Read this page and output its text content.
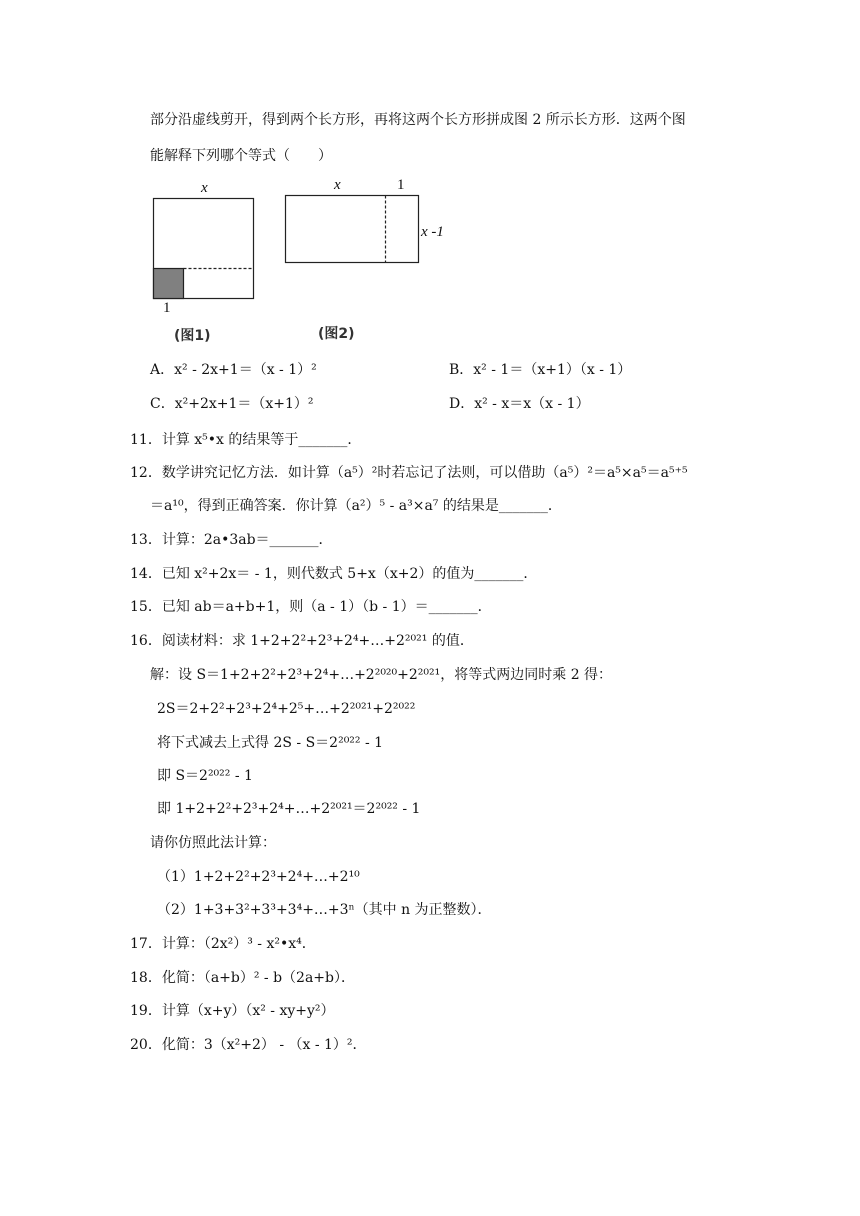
部分沿虚线剪开，得到两个长方形，再将这两个长方形拼成图 2 所示长方形．这两个图
能解释下列哪个等式（　　）
x
1
(图1)
x	1
x -1
(图2)
A．x² - 2x+1＝（x - 1）²	B．x² - 1＝（x+1）（x - 1）
C．x²+2x+1＝（x+1）²	D．x² - x＝x（x - 1）
11．计算 x⁵•x 的结果等于_______．
12．数学讲究记忆方法．如计算（a⁵）²时若忘记了法则，可以借助（a⁵）²＝a⁵×a⁵＝a⁵⁺⁵
＝a¹⁰，得到正确答案．你计算（a²）⁵ - a³×a⁷ 的结果是_______．
13．计算：2a•3ab＝_______．
14．已知 x²+2x＝ - 1，则代数式 5+x（x+2）的值为_______．
15．已知 ab＝a+b+1，则（a - 1）（b - 1）＝_______．
16．阅读材料：求 1+2+2²+2³+2⁴+…+2²⁰²¹ 的值．
解：设 S＝1+2+2²+2³+2⁴+…+2²⁰²⁰+2²⁰²¹，将等式两边同时乘 2 得：
2S＝2+2²+2³+2⁴+2⁵+…+2²⁰²¹+2²⁰²²
将下式减去上式得 2S - S＝2²⁰²² - 1
即 S＝2²⁰²² - 1
即 1+2+2²+2³+2⁴+…+2²⁰²¹＝2²⁰²² - 1
请你仿照此法计算：
（1）1+2+2²+2³+2⁴+…+2¹⁰
（2）1+3+3²+3³+3⁴+…+3ⁿ（其中 n 为正整数）．
17．计算：（2x²）³ - x²•x⁴．
18．化简：（a+b）² - b（2a+b）．
19．计算（x+y）（x² - xy+y²）
20．化简：3（x²+2） - （x - 1）²．
